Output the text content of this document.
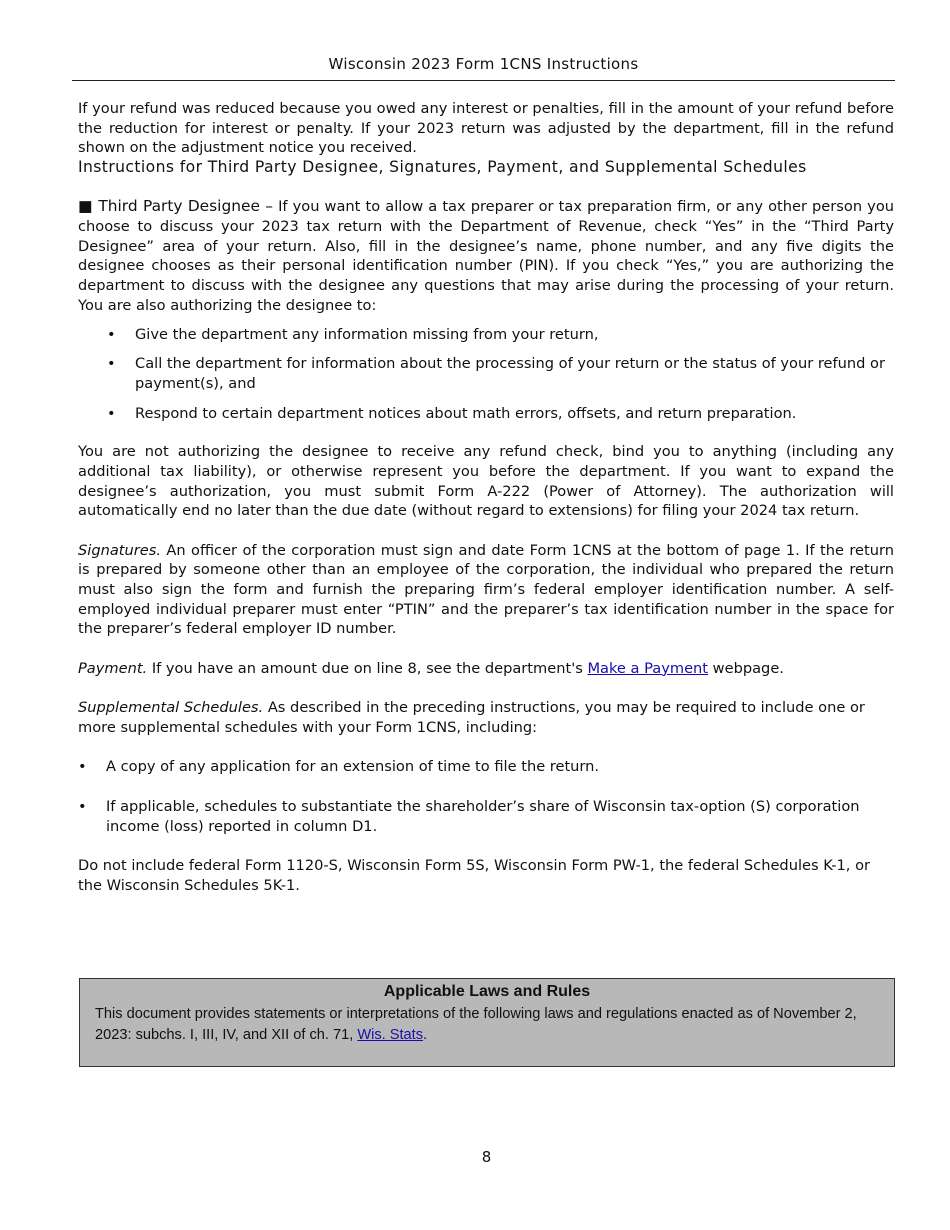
Wisconsin 2023 Form 1CNS Instructions

If your refund was reduced because you owed any interest or penalties, fill in the amount of your refund before the reduction for interest or penalty. If your 2023 return was adjusted by the department, fill in the refund shown on the adjustment notice you received.

Instructions for Third Party Designee, Signatures, Payment, and Supplemental Schedules

■ Third Party Designee – If you want to allow a tax preparer or tax preparation firm, or any other person you choose to discuss your 2023 tax return with the Department of Revenue, check “Yes” in the “Third Party Designee” area of your return. Also, fill in the designee’s name, phone number, and any five digits the designee chooses as their personal identification number (PIN). If you check “Yes,” you are authorizing the department to discuss with the designee any questions that may arise during the processing of your return. You are also authorizing the designee to:

• Give the department any information missing from your return,
• Call the department for information about the processing of your return or the status of your refund or payment(s), and
• Respond to certain department notices about math errors, offsets, and return preparation.

You are not authorizing the designee to receive any refund check, bind you to anything (including any additional tax liability), or otherwise represent you before the department. If you want to expand the designee’s authorization, you must submit Form A-222 (Power of Attorney). The authorization will automatically end no later than the due date (without regard to extensions) for filing your 2024 tax return.

Signatures. An officer of the corporation must sign and date Form 1CNS at the bottom of page 1. If the return is prepared by someone other than an employee of the corporation, the individual who prepared the return must also sign the form and furnish the preparing firm’s federal employer identification number. A self-employed individual preparer must enter “PTIN” and the preparer’s tax identification number in the space for the preparer’s federal employer ID number.

Payment. If you have an amount due on line 8, see the department's Make a Payment webpage.

Supplemental Schedules. As described in the preceding instructions, you may be required to include one or more supplemental schedules with your Form 1CNS, including:

• A copy of any application for an extension of time to file the return.
• If applicable, schedules to substantiate the shareholder’s share of Wisconsin tax-option (S) corporation income (loss) reported in column D1.

Do not include federal Form 1120-S, Wisconsin Form 5S, Wisconsin Form PW-1, the federal Schedules K-1, or the Wisconsin Schedules 5K-1.

Applicable Laws and Rules
This document provides statements or interpretations of the following laws and regulations enacted as of November 2, 2023: subchs. I, III, IV, and XII of ch. 71, Wis. Stats.
8
